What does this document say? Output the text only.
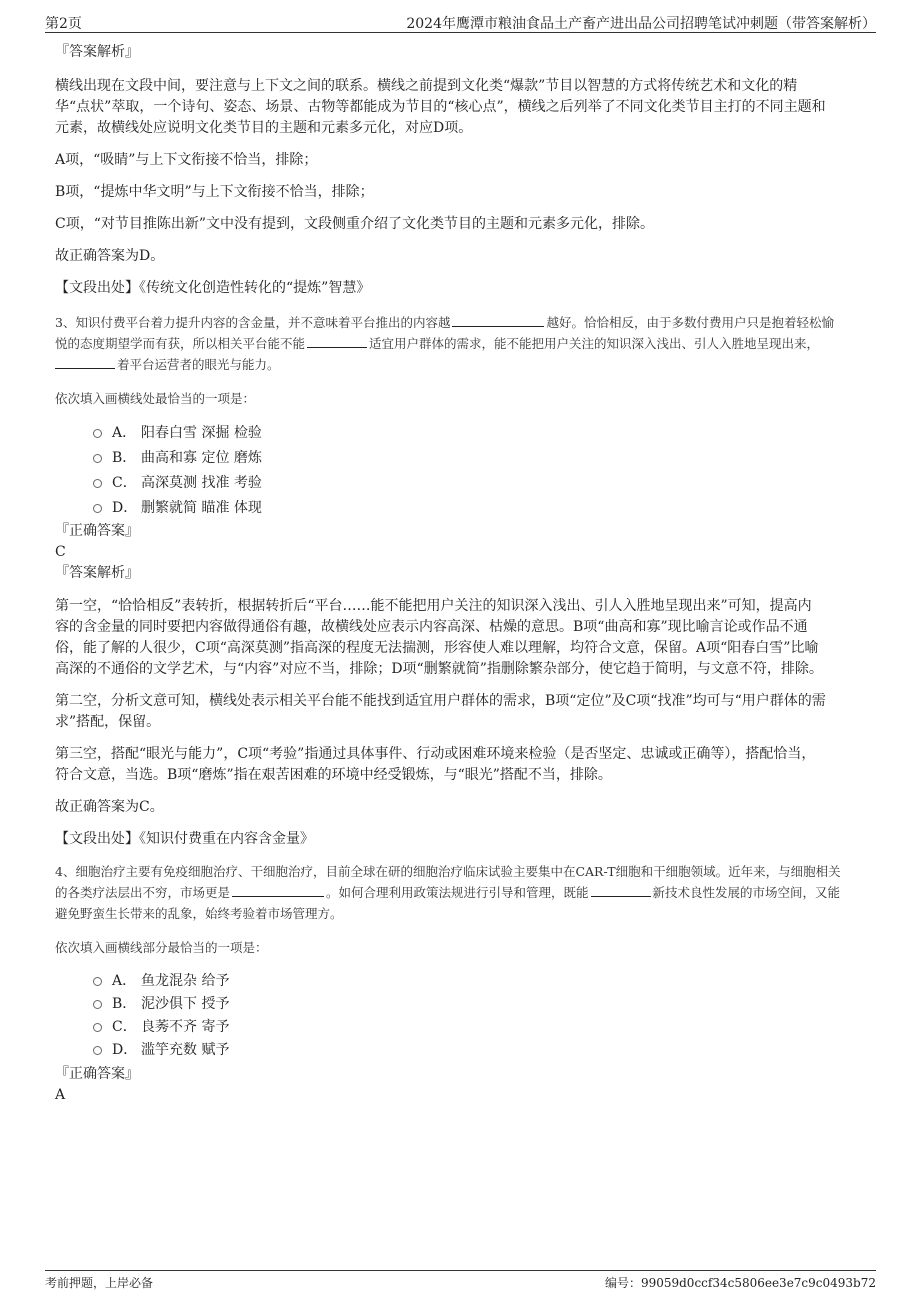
第2页	2024年鹰潭市粮油食品土产畜产进出品公司招聘笔试冲刺题（带答案解析）

『答案解析』

横线出现在文段中间，要注意与上下文之间的联系。横线之前提到文化类“爆款”节目以智慧的方式将传统艺术和文化的精

华“点状”萃取，一个诗句、姿态、场景、古物等都能成为节目的“核心点”，横线之后列举了不同文化类节目主打的不同主题和

元素，故横线处应说明文化类节目的主题和元素多元化，对应D项。

A项，“吸睛”与上下文衔接不恰当，排除；

B项，“提炼中华文明”与上下文衔接不恰当，排除；

C项，“对节目推陈出新”文中没有提到，文段侧重介绍了文化类节目的主题和元素多元化，排除。

故正确答案为D。

【文段出处】《传统文化创造性转化的“提炼”智慧》

3、知识付费平台着力提升内容的含金量，并不意味着平台推出的内容越	越好。恰恰相反，由于多数付费用户只是抱着轻松愉

悦的态度期望学而有获，所以相关平台能不能	适宜用户群体的需求，能不能把用户关注的知识深入浅出、引人入胜地呈现出来，

着平台运营者的眼光与能力。

依次填入画横线处最恰当的一项是：

A． 阳春白雪 深掘 检验
B． 曲高和寡 定位 磨炼
C． 高深莫测 找准 考验
D． 删繁就简 瞄准 体现

『正确答案』

C

『答案解析』

第一空，“恰恰相反”表转折，根据转折后“平台……能不能把用户关注的知识深入浅出、引人入胜地呈现出来”可知，提高内

容的含金量的同时要把内容做得通俗有趣，故横线处应表示内容高深、枯燥的意思。B项“曲高和寡”现比喻言论或作品不通

俗，能了解的人很少，C项“高深莫测”指高深的程度无法揣测，形容使人难以理解，均符合文意，保留。A项“阳春白雪”比喻

高深的不通俗的文学艺术，与“内容”对应不当，排除；D项“删繁就简”指删除繁杂部分，使它趋于简明，与文意不符，排除。

第二空，分析文意可知，横线处表示相关平台能不能找到适宜用户群体的需求，B项“定位”及C项“找准”均可与“用户群体的需

求”搭配，保留。

第三空，搭配“眼光与能力”，C项“考验”指通过具体事件、行动或困难环境来检验（是否坚定、忠诚或正确等），搭配恰当，

符合文意，当选。B项“磨炼”指在艰苦困难的环境中经受锻炼，与“眼光”搭配不当，排除。

故正确答案为C。

【文段出处】《知识付费重在内容含金量》

4、细胞治疗主要有免疫细胞治疗、干细胞治疗，目前全球在研的细胞治疗临床试验主要集中在CAR-T细胞和干细胞领域。近年来，与细胞相关

的各类疗法层出不穷，市场更是	。如何合理利用政策法规进行引导和管理，既能	新技术良性发展的市场空间，又能

避免野蛮生长带来的乱象，始终考验着市场管理方。

依次填入画横线部分最恰当的一项是：

A． 鱼龙混杂 给予
B． 泥沙俱下 授予
C． 良莠不齐 寄予
D． 滥竽充数 赋予

『正确答案』

A

考前押题，上岸必备	编号：99059d0ccf34c5806ee3e7c9c0493b72
